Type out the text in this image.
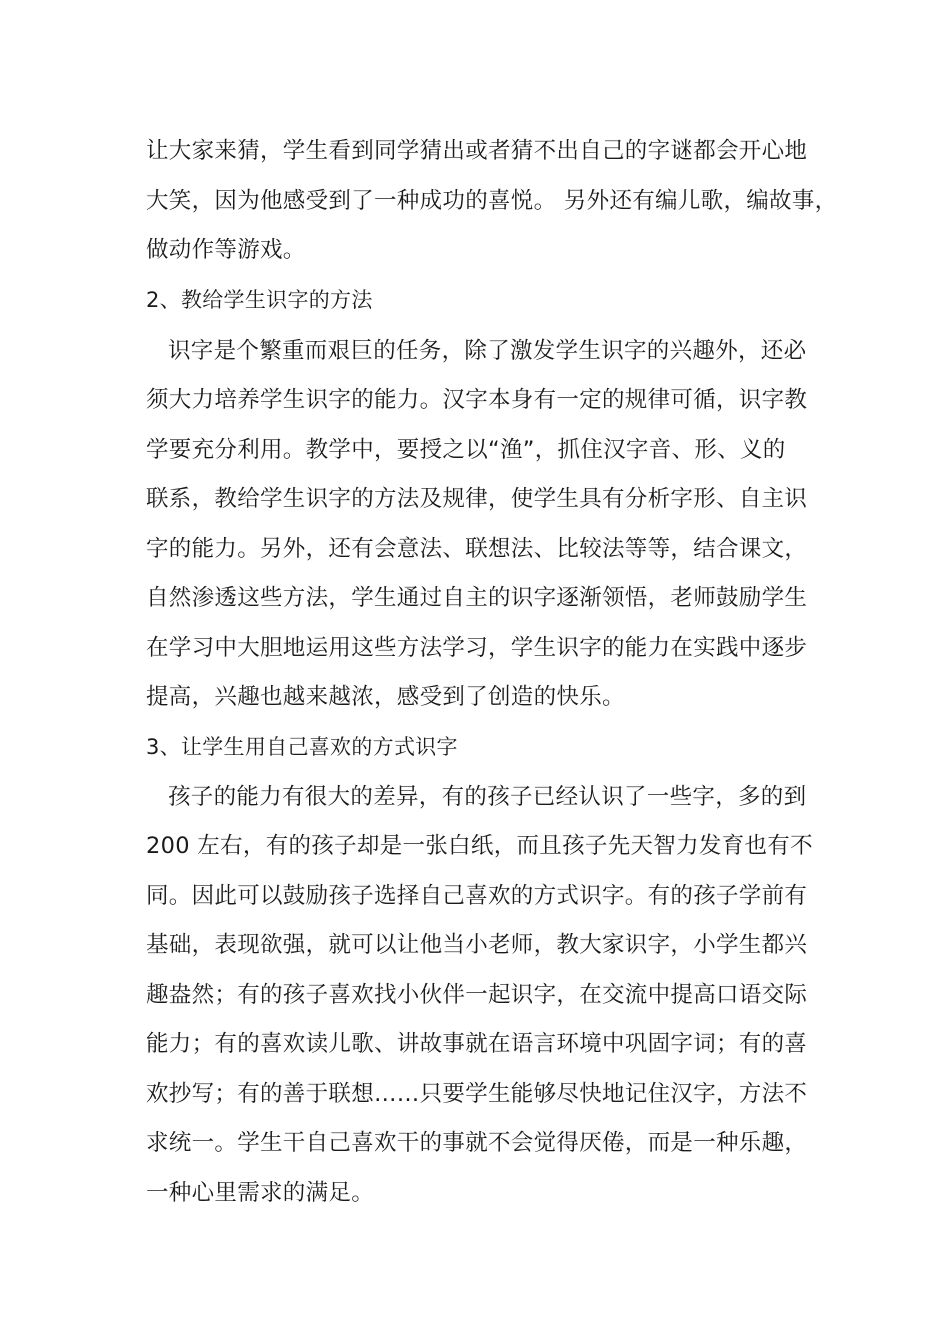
让大家来猜，学生看到同学猜出或者猜不出自己的字谜都会开心地
大笑，因为他感受到了一种成功的喜悦。 另外还有编儿歌，编故事，
做动作等游戏。
2、教给学生识字的方法
识字是个繁重而艰巨的任务，除了激发学生识字的兴趣外，还必
须大力培养学生识字的能力。汉字本身有一定的规律可循，识字教
学要充分利用。教学中，要授之以“渔”，抓住汉字音、形、义的
联系，教给学生识字的方法及规律，使学生具有分析字形、自主识
字的能力。另外，还有会意法、联想法、比较法等等，结合课文，
自然渗透这些方法，学生通过自主的识字逐渐领悟，老师鼓励学生
在学习中大胆地运用这些方法学习，学生识字的能力在实践中逐步
提高，兴趣也越来越浓，感受到了创造的快乐。
3、让学生用自己喜欢的方式识字
孩子的能力有很大的差异，有的孩子已经认识了一些字，多的到
200 左右，有的孩子却是一张白纸，而且孩子先天智力发育也有不
同。因此可以鼓励孩子选择自己喜欢的方式识字。有的孩子学前有
基础，表现欲强，就可以让他当小老师，教大家识字，小学生都兴
趣盎然；有的孩子喜欢找小伙伴一起识字，在交流中提高口语交际
能力；有的喜欢读儿歌、讲故事就在语言环境中巩固字词；有的喜
欢抄写；有的善于联想……只要学生能够尽快地记住汉字，方法不
求统一。学生干自己喜欢干的事就不会觉得厌倦，而是一种乐趣，
一种心里需求的满足。
